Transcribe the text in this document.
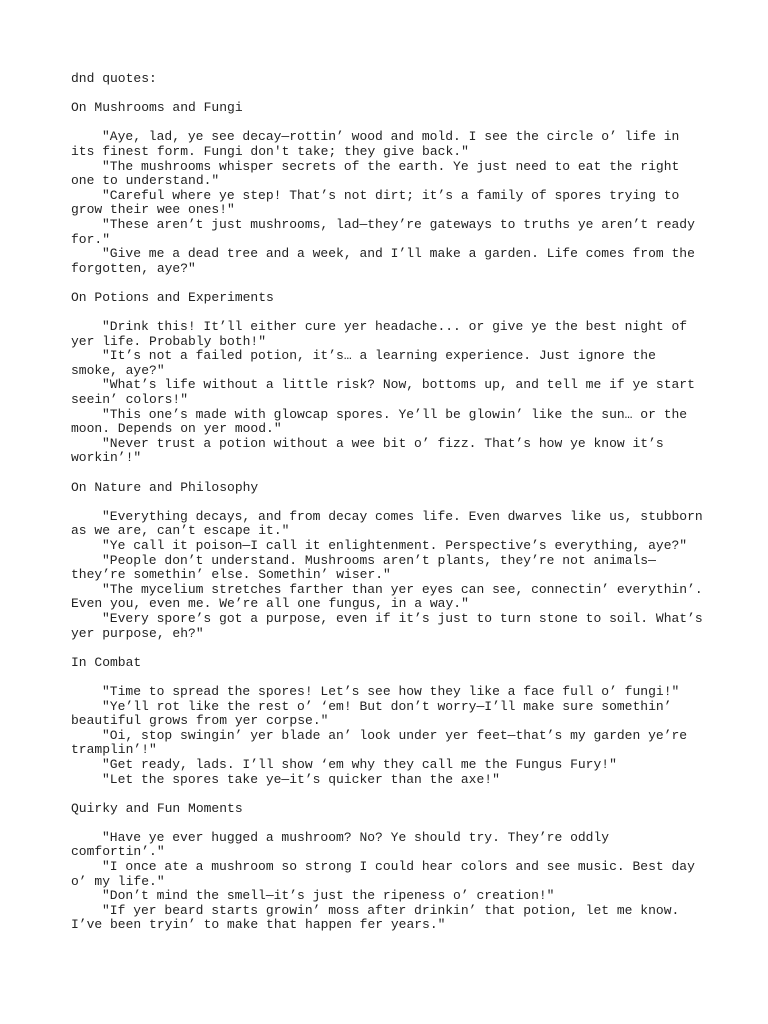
dnd quotes:

On Mushrooms and Fungi

"Aye, lad, ye see decay—rottin’ wood and mold. I see the circle o’ life in its finest form. Fungi don't take; they give back."

"The mushrooms whisper secrets of the earth. Ye just need to eat the right one to understand."

"Careful where ye step! That’s not dirt; it’s a family of spores trying to grow their wee ones!"

"These aren’t just mushrooms, lad—they’re gateways to truths ye aren’t ready for."

"Give me a dead tree and a week, and I’ll make a garden. Life comes from the forgotten, aye?"

On Potions and Experiments

"Drink this! It’ll either cure yer headache... or give ye the best night of yer life. Probably both!"

"It’s not a failed potion, it’s… a learning experience. Just ignore the smoke, aye?"

"What’s life without a little risk? Now, bottoms up, and tell me if ye start seein’ colors!"

"This one’s made with glowcap spores. Ye’ll be glowin’ like the sun… or the moon. Depends on yer mood."

"Never trust a potion without a wee bit o’ fizz. That’s how ye know it’s workin’!"

On Nature and Philosophy

"Everything decays, and from decay comes life. Even dwarves like us, stubborn as we are, can’t escape it."

"Ye call it poison—I call it enlightenment. Perspective’s everything, aye?"

"People don’t understand. Mushrooms aren’t plants, they’re not animals—they’re somethin’ else. Somethin’ wiser."

"The mycelium stretches farther than yer eyes can see, connectin’ everythin’. Even you, even me. We’re all one fungus, in a way."

"Every spore’s got a purpose, even if it’s just to turn stone to soil. What’s yer purpose, eh?"

In Combat

"Time to spread the spores! Let’s see how they like a face full o’ fungi!"

"Ye’ll rot like the rest o’ ‘em! But don’t worry—I’ll make sure somethin’ beautiful grows from yer corpse."

"Oi, stop swingin’ yer blade an’ look under yer feet—that’s my garden ye’re tramplin’!"

"Get ready, lads. I’ll show ‘em why they call me the Fungus Fury!"

"Let the spores take ye—it’s quicker than the axe!"

Quirky and Fun Moments

"Have ye ever hugged a mushroom? No? Ye should try. They’re oddly comfortin’."

"I once ate a mushroom so strong I could hear colors and see music. Best day o’ my life."

"Don’t mind the smell—it’s just the ripeness o’ creation!"

"If yer beard starts growin’ moss after drinkin’ that potion, let me know. I’ve been tryin’ to make that happen fer years."
